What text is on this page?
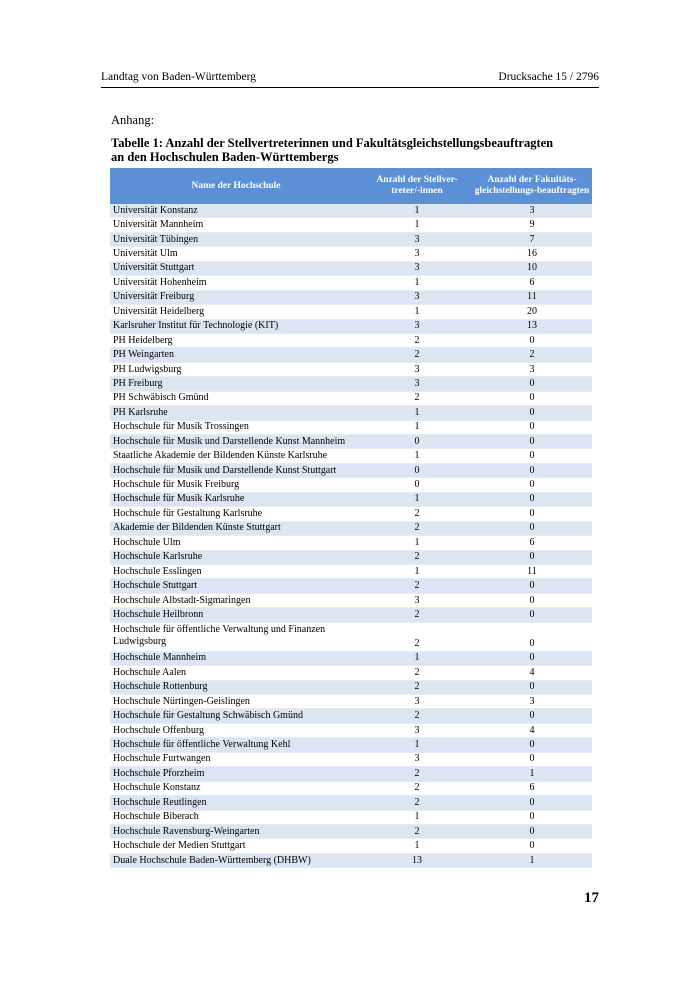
Landtag von Baden-Württemberg	Drucksache 15 / 2796
Anhang:
Tabelle 1: Anzahl der Stellvertreterinnen und Fakultätsgleichstellungsbeauftragten
an den Hochschulen Baden-Württembergs
Name der Hochschule	Anzahl der Stellver-treter/-innen	Anzahl der Fakultäts-gleichstellungs-beauftragten
Universität Konstanz	1	3
Universität Mannheim	1	9
Universität Tübingen	3	7
Universität Ulm	3	16
Universität Stuttgart	3	10
Universität Hohenheim	1	6
Universität Freiburg	3	11
Universität Heidelberg	1	20
Karlsruher Institut für Technologie (KIT)	3	13
PH Heidelberg	2	0
PH Weingarten	2	2
PH Ludwigsburg	3	3
PH Freiburg	3	0
PH Schwäbisch Gmünd	2	0
PH Karlsruhe	1	0
Hochschule für Musik Trossingen	1	0
Hochschule für Musik und Darstellende Kunst Mannheim	0	0
Staatliche Akademie der Bildenden Künste Karlsruhe	1	0
Hochschule für Musik und Darstellende Kunst Stuttgart	0	0
Hochschule für Musik Freiburg	0	0
Hochschule für Musik Karlsruhe	1	0
Hochschule für Gestaltung Karlsruhe	2	0
Akademie der Bildenden Künste Stuttgart	2	0
Hochschule Ulm	1	6
Hochschule Karlsruhe	2	0
Hochschule Esslingen	1	11
Hochschule Stuttgart	2	0
Hochschule Albstadt-Sigmaringen	3	0
Hochschule Heilbronn	2	0
Hochschule für öffentliche Verwaltung und Finanzen Ludwigsburg	2	0
Hochschule Mannheim	1	0
Hochschule Aalen	2	4
Hochschule Rottenburg	2	0
Hochschule Nürtingen-Geislingen	3	3
Hochschule für Gestaltung Schwäbisch Gmünd	2	0
Hochschule Offenburg	3	4
Hochschule für öffentliche Verwaltung Kehl	1	0
Hochschule Furtwangen	3	0
Hochschule Pforzheim	2	1
Hochschule Konstanz	2	6
Hochschule Reutlingen	2	0
Hochschule Biberach	1	0
Hochschule Ravensburg-Weingarten	2	0
Hochschule der Medien Stuttgart	1	0
Duale Hochschule Baden-Württemberg (DHBW)	13	1
17
